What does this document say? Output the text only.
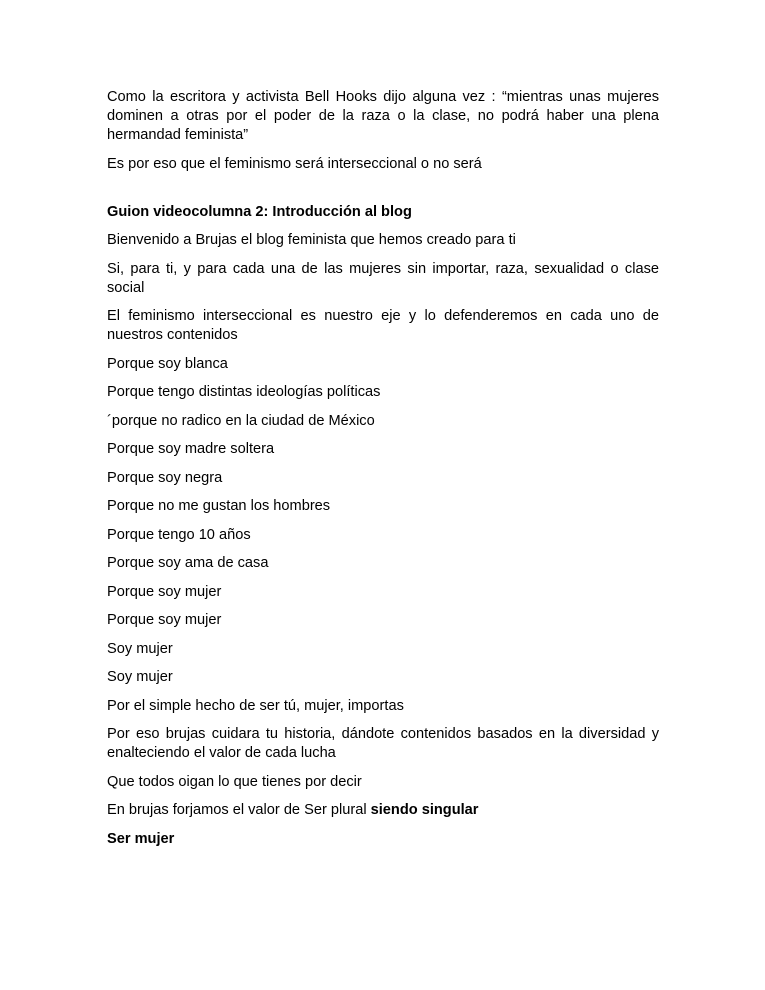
Como la escritora y activista Bell Hooks dijo alguna vez : “mientras unas mujeres dominen a otras por el poder de la raza o la clase, no podrá haber una plena hermandad feminista”

Es por eso que el feminismo será interseccional o no será

Guion videocolumna 2: Introducción al blog

Bienvenido a Brujas el blog feminista que hemos creado para ti

Si, para ti, y para cada una de las mujeres sin importar, raza, sexualidad o clase social

El feminismo interseccional es nuestro eje y lo defenderemos en cada uno de nuestros contenidos

Porque soy blanca

Porque tengo distintas ideologías políticas

´porque no radico en la ciudad de México

Porque soy madre soltera

Porque soy negra

Porque no me gustan los hombres

Porque tengo 10 años

Porque soy ama de casa

Porque soy mujer

Porque soy mujer

Soy mujer

Soy mujer

Por el simple hecho de ser tú, mujer, importas

Por eso brujas cuidara tu historia, dándote contenidos basados en la diversidad y enalteciendo el valor de cada lucha

Que todos oigan lo que tienes por decir

En brujas forjamos el valor de Ser plural siendo singular

Ser mujer
